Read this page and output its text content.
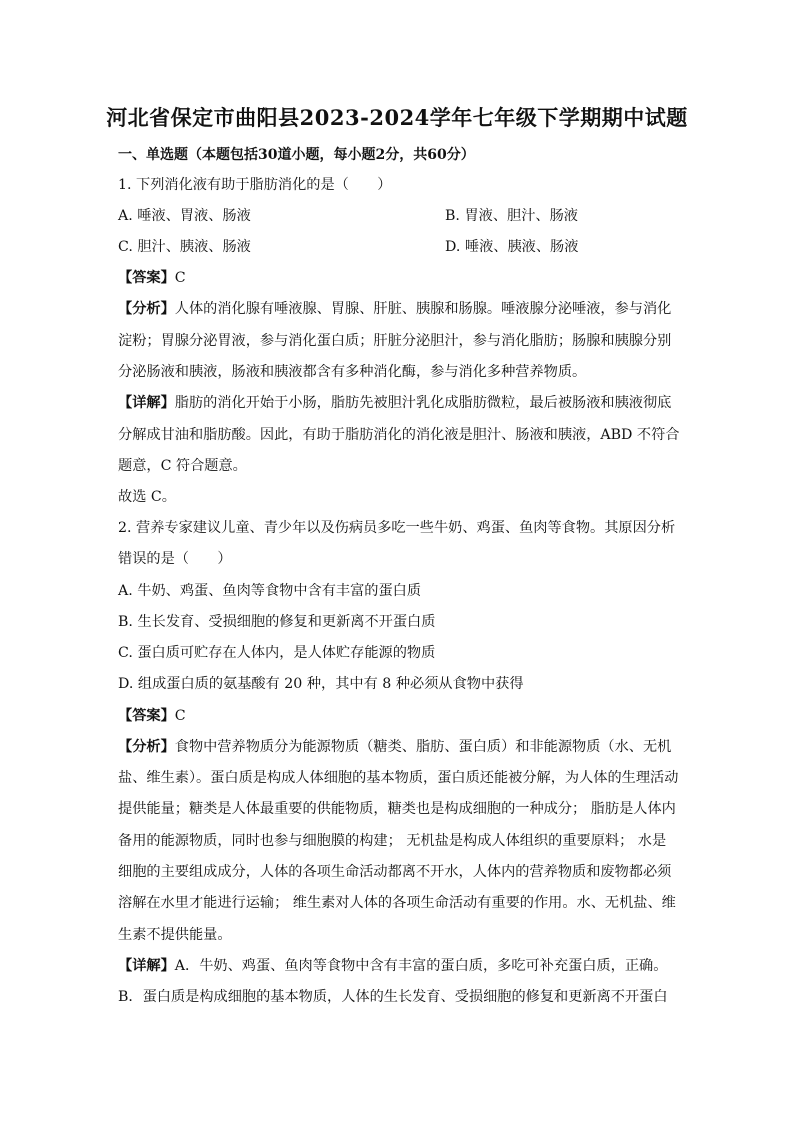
河北省保定市曲阳县2023-2024学年七年级下学期期中试题
一、单选题（本题包括30道小题，每小题2分，共60分）
1. 下列消化液有助于脂肪消化的是（　　）
A. 唾液、胃液、肠液	B. 胃液、胆汁、肠液
C. 胆汁、胰液、肠液	D. 唾液、胰液、肠液
【答案】C
【分析】人体的消化腺有唾液腺、胃腺、肝脏、胰腺和肠腺。唾液腺分泌唾液，参与消化
淀粉；胃腺分泌胃液，参与消化蛋白质；肝脏分泌胆汁，参与消化脂肪；肠腺和胰腺分别
分泌肠液和胰液，肠液和胰液都含有多种消化酶，参与消化多种营养物质。
【详解】脂肪的消化开始于小肠，脂肪先被胆汁乳化成脂肪微粒，最后被肠液和胰液彻底
分解成甘油和脂肪酸。因此，有助于脂肪消化的消化液是胆汁、肠液和胰液，ABD 不符合
题意，C 符合题意。
故选 C。
2. 营养专家建议儿童、青少年以及伤病员多吃一些牛奶、鸡蛋、鱼肉等食物。其原因分析
错误的是（　　）
A. 牛奶、鸡蛋、鱼肉等食物中含有丰富的蛋白质
B. 生长发育、受损细胞的修复和更新离不开蛋白质
C. 蛋白质可贮存在人体内，是人体贮存能源的物质
D. 组成蛋白质的氨基酸有 20 种，其中有 8 种必须从食物中获得
【答案】C
【分析】食物中营养物质分为能源物质（糖类、脂肪、蛋白质）和非能源物质（水、无机
盐、维生素）。蛋白质是构成人体细胞的基本物质，蛋白质还能被分解，为人体的生理活动
提供能量；糖类是人体最重要的供能物质，糖类也是构成细胞的一种成分； 脂肪是人体内
备用的能源物质，同时也参与细胞膜的构建； 无机盐是构成人体组织的重要原料； 水是
细胞的主要组成成分，人体的各项生命活动都离不开水，人体内的营养物质和废物都必须
溶解在水里才能进行运输； 维生素对人体的各项生命活动有重要的作用。水、无机盐、维
生素不提供能量。
【详解】A．牛奶、鸡蛋、鱼肉等食物中含有丰富的蛋白质，多吃可补充蛋白质，正确。
B．蛋白质是构成细胞的基本物质，人体的生长发育、受损细胞的修复和更新离不开蛋白
